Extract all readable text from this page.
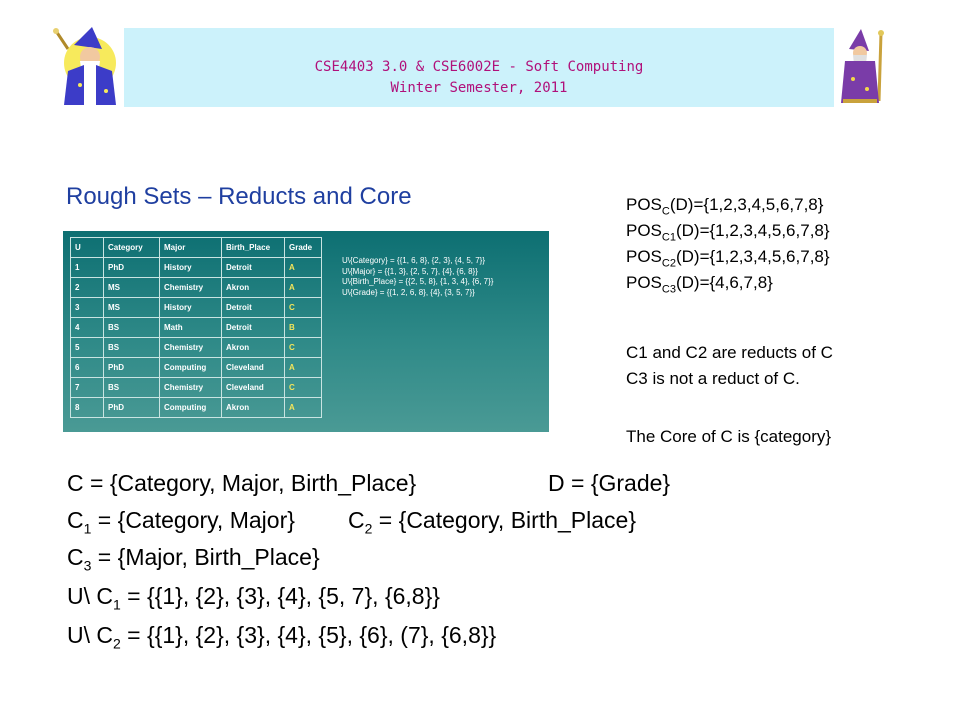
CSE4403 3.0 & CSE6002E - Soft Computing
Winter Semester, 2011
Rough Sets – Reducts and Core
U	Category	Major	Birth_Place	Grade
1	PhD	History	Detroit	A
2	MS	Chemistry	Akron	A
3	MS	History	Detroit	C
4	BS	Math	Detroit	B
5	BS	Chemistry	Akron	C
6	PhD	Computing	Cleveland	A
7	BS	Chemistry	Cleveland	C
8	PhD	Computing	Akron	A
U\{Category} = {{1, 6, 8}, {2, 3}, {4, 5, 7}}
U\{Major} = {{1, 3}, {2, 5, 7}, {4}, {6, 8}}
U\{Birth_Place} = {{2, 5, 8}, {1, 3, 4}, {6, 7}}
U\{Grade} = {{1, 2, 6, 8}, {4}, {3, 5, 7}}
$POS_C(D)=\{1,2,3,4,5,6,7,8\}$
$POS_{C1}(D)=\{1,2,3,4,5,6,7,8\}$
$POS_{C2}(D)=\{1,2,3,4,5,6,7,8\}$
$POS_{C3}(D)=\{4,6,7,8\}$
C1 and C2 are reducts of C
C3 is not a reduct of C.
The Core of C is {category}
C = {Category, Major, Birth_Place}	D = {Grade}
$C_1$ = {Category, Major} $C_2$ = {Category, Birth_Place}
$C_3$ = {Major, Birth_Place}
U\ $C_1 = \{\{1\}$, {2}, {3}, {4}, {5, 7}, {6,8}}
U\ $C_2 = \{\{1\}$, {2}, {3}, {4}, {5}, {6}, (7}, {6,8}}
